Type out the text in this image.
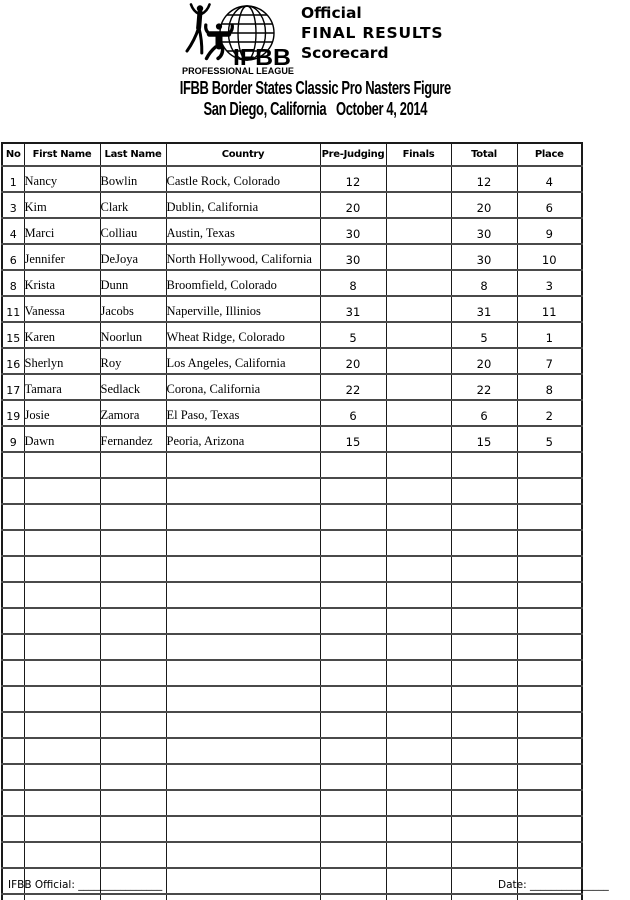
IFBB
PROFESSIONAL LEAGUE
Official
FINAL RESULTS
Scorecard
IFBB Border States Classic Pro Nasters Figure
San Diego, California   October 4, 2014
No	First Name	Last Name	Country	Pre-Judging	Finals	Total	Place
1	Nancy	Bowlin	Castle Rock, Colorado	12		12	4
3	Kim	Clark	Dublin, California	20		20	6
4	Marci	Colliau	Austin, Texas	30		30	9
6	Jennifer	DeJoya	North Hollywood, California	30		30	10
8	Krista	Dunn	Broomfield, Colorado	8		8	3
11	Vanessa	Jacobs	Naperville, Illinios	31		31	11
15	Karen	Noorlun	Wheat Ridge, Colorado	5		5	1
16	Sherlyn	Roy	Los Angeles, California	20		20	7
17	Tamara	Sedlack	Corona, California	22		22	8
19	Josie	Zamora	El Paso, Texas	6		6	2
9	Dawn	Fernandez	Peoria, Arizona	15		15	5

IFBB Official: ________________	Date: _______________
